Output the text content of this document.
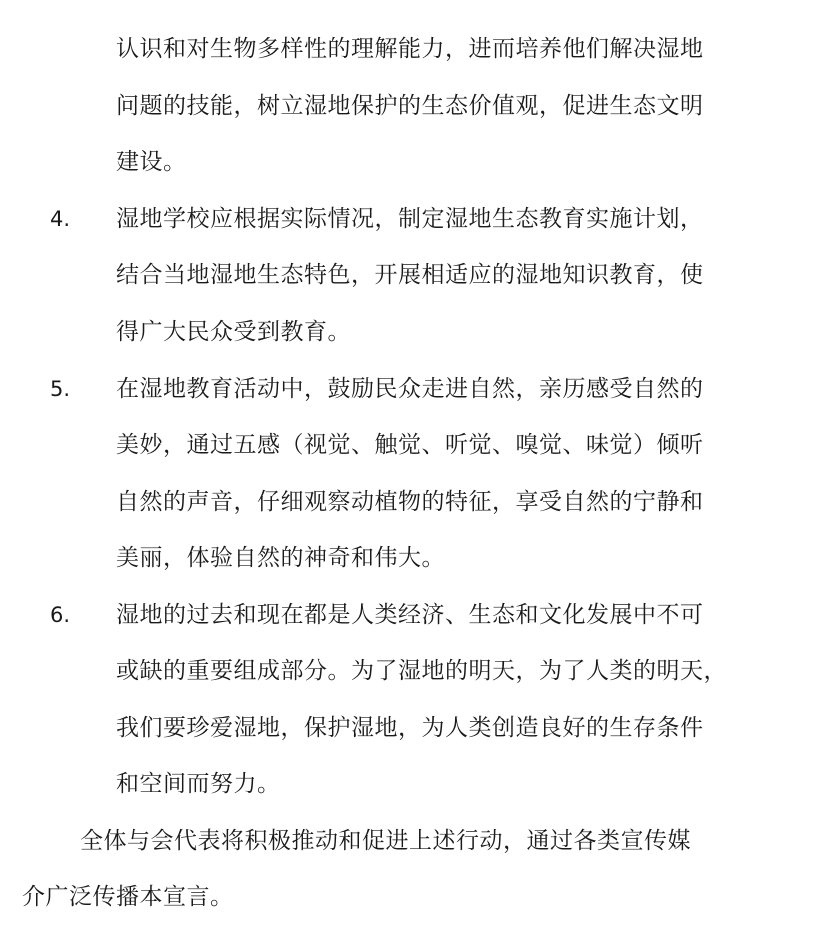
认识和对生物多样性的理解能力，进而培养他们解决湿地
问题的技能，树立湿地保护的生态价值观，促进生态文明
建设。
4. 湿地学校应根据实际情况，制定湿地生态教育实施计划，
结合当地湿地生态特色，开展相适应的湿地知识教育，使
得广大民众受到教育。
5. 在湿地教育活动中，鼓励民众走进自然，亲历感受自然的
美妙，通过五感（视觉、触觉、听觉、嗅觉、味觉）倾听
自然的声音，仔细观察动植物的特征，享受自然的宁静和
美丽，体验自然的神奇和伟大。
6. 湿地的过去和现在都是人类经济、生态和文化发展中不可
或缺的重要组成部分。为了湿地的明天，为了人类的明天，
我们要珍爱湿地，保护湿地，为人类创造良好的生存条件
和空间而努力。
全体与会代表将积极推动和促进上述行动，通过各类宣传媒
介广泛传播本宣言。
